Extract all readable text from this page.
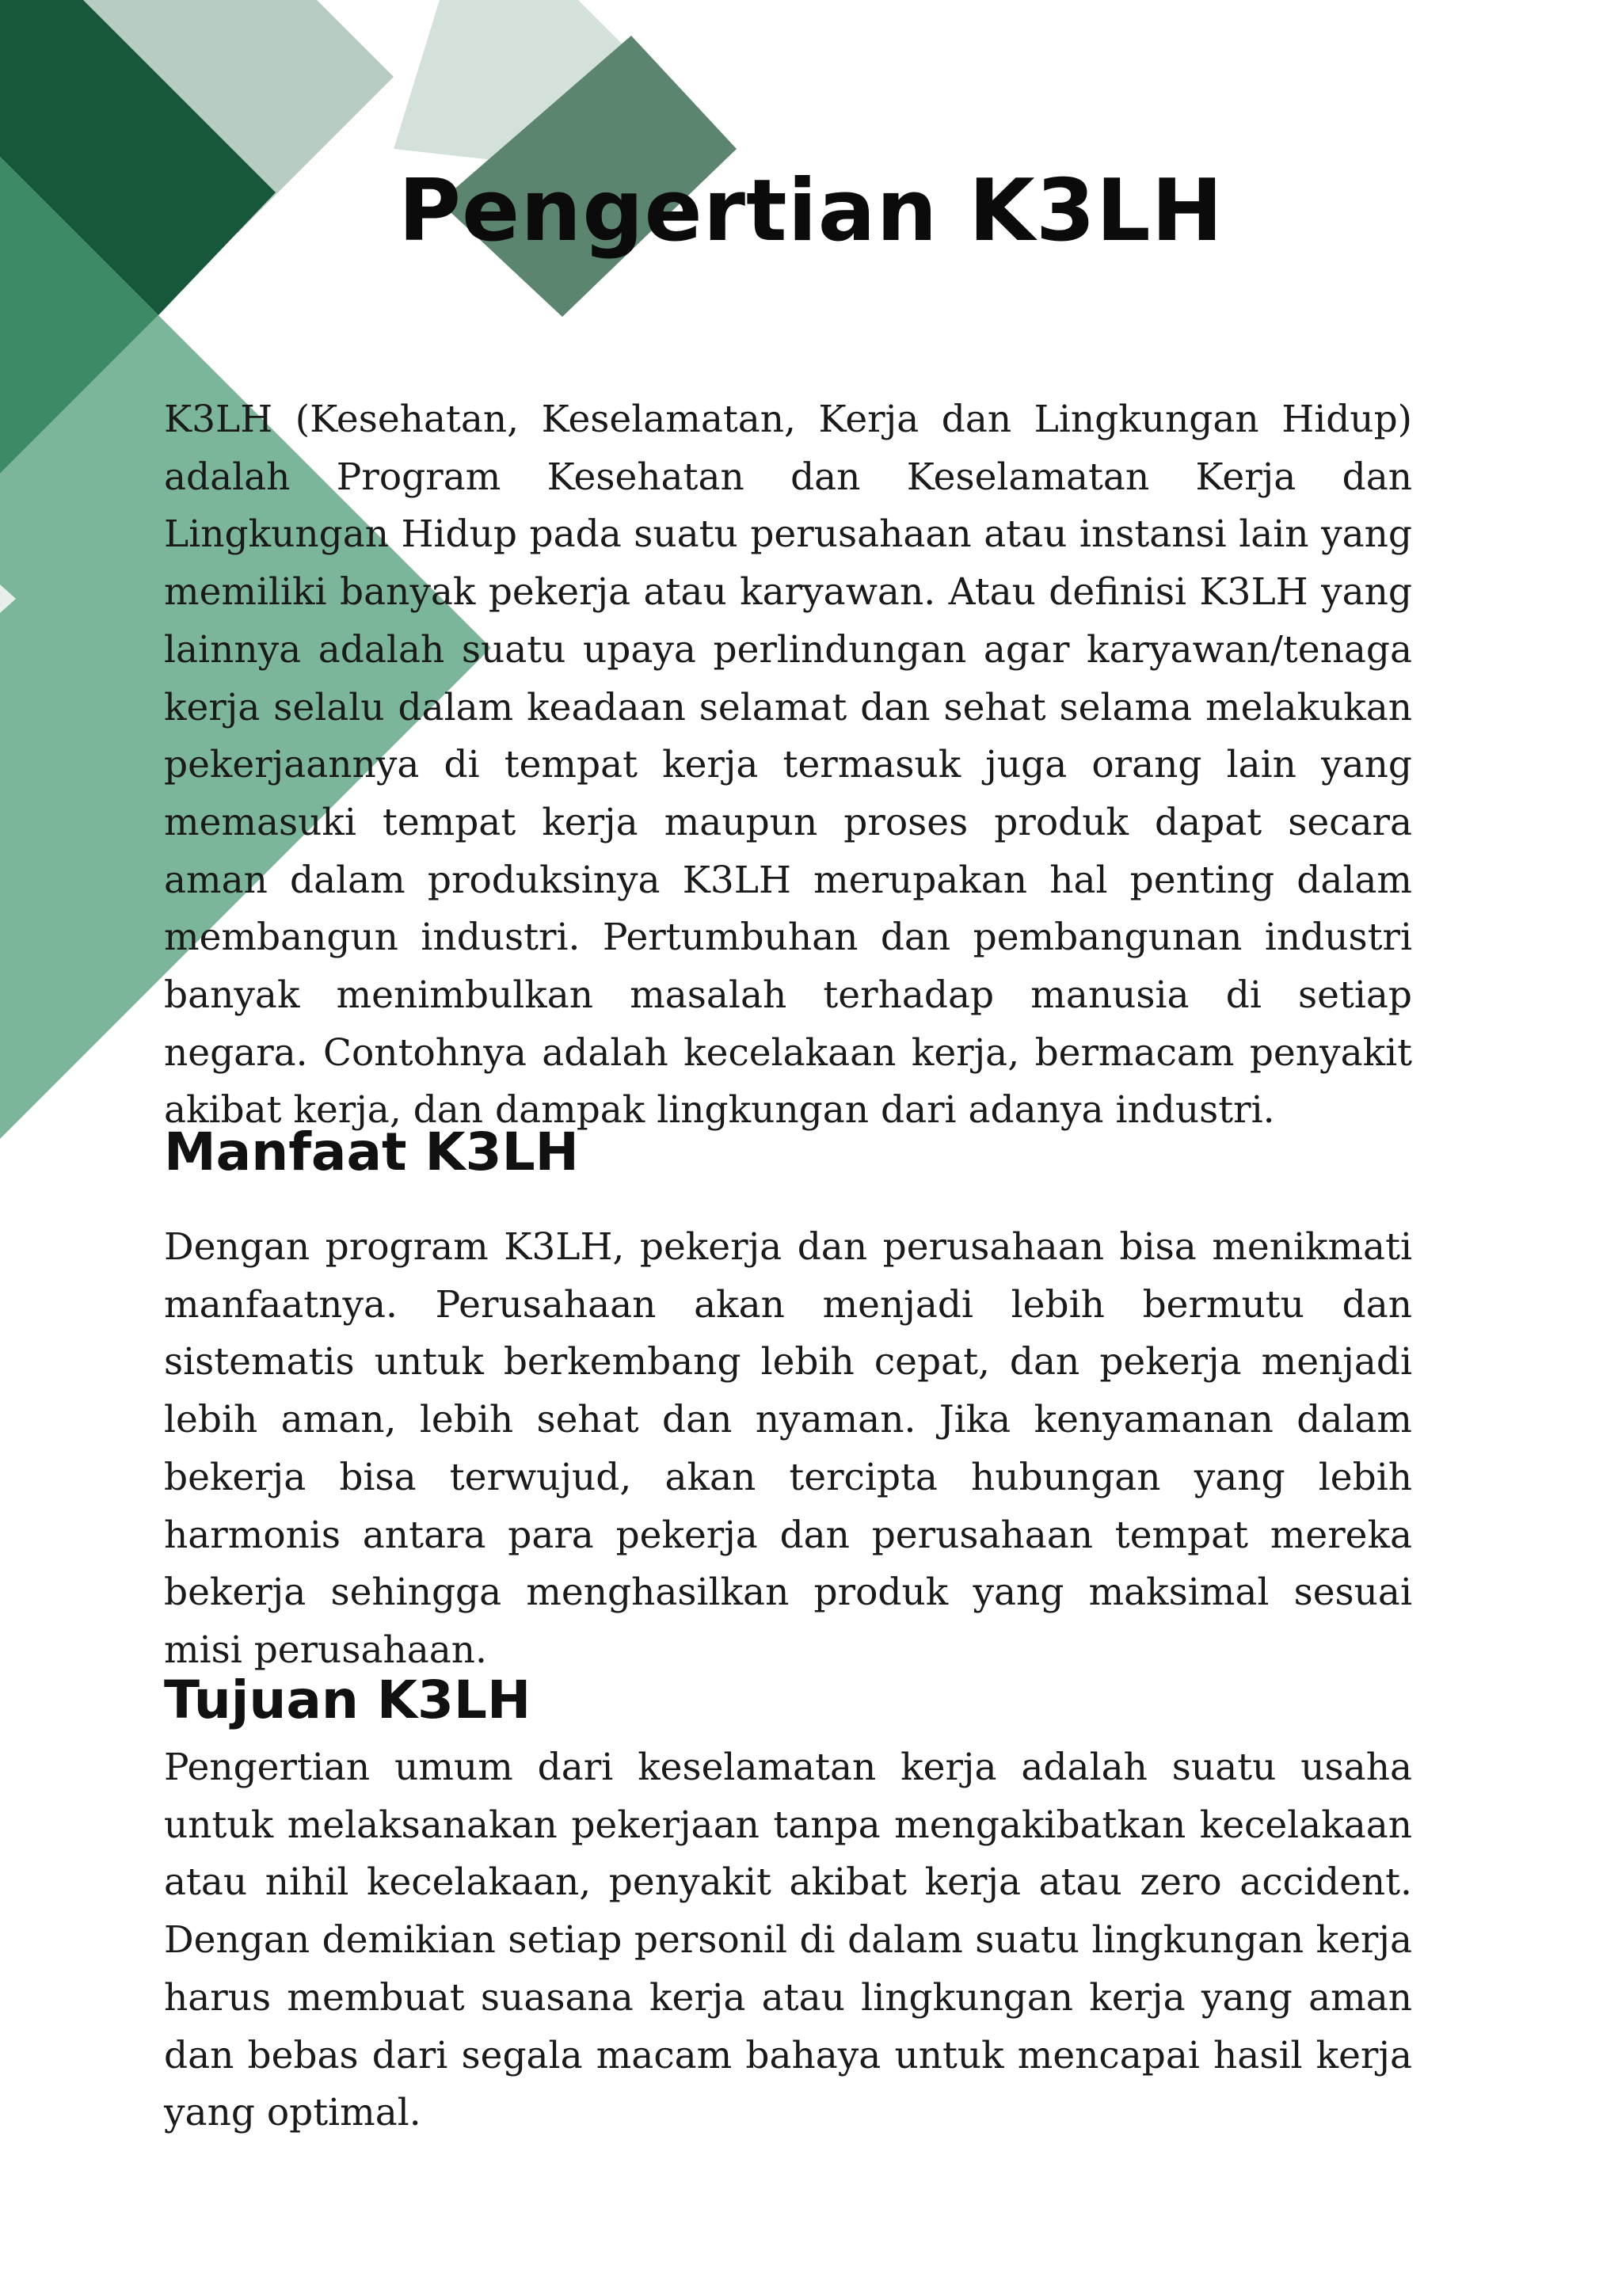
Pengertian K3LH

K3LH (Kesehatan, Keselamatan, Kerja dan Lingkungan Hidup) adalah Program Kesehatan dan Keselamatan Kerja dan Lingkungan Hidup pada suatu perusahaan atau instansi lain yang memiliki banyak pekerja atau karyawan. Atau definisi K3LH yang lainnya adalah suatu upaya perlindungan agar karyawan/tenaga kerja selalu dalam keadaan selamat dan sehat selama melakukan pekerjaannya di tempat kerja termasuk juga orang lain yang memasuki tempat kerja maupun proses produk dapat secara aman dalam produksinya K3LH merupakan hal penting dalam membangun industri. Pertumbuhan dan pembangunan industri banyak menimbulkan masalah terhadap manusia di setiap negara. Contohnya adalah kecelakaan kerja, bermacam penyakit akibat kerja, dan dampak lingkungan dari adanya industri.

Manfaat K3LH

Dengan program K3LH, pekerja dan perusahaan bisa menikmati manfaatnya. Perusahaan akan menjadi lebih bermutu dan sistematis untuk berkembang lebih cepat, dan pekerja menjadi lebih aman, lebih sehat dan nyaman. Jika kenyamanan dalam bekerja bisa terwujud, akan tercipta hubungan yang lebih harmonis antara para pekerja dan perusahaan tempat mereka bekerja sehingga menghasilkan produk yang maksimal sesuai misi perusahaan.

Tujuan K3LH

Pengertian umum dari keselamatan kerja adalah suatu usaha untuk melaksanakan pekerjaan tanpa mengakibatkan kecelakaan atau nihil kecelakaan, penyakit akibat kerja atau zero accident. Dengan demikian setiap personil di dalam suatu lingkungan kerja harus membuat suasana kerja atau lingkungan kerja yang aman dan bebas dari segala macam bahaya untuk mencapai hasil kerja yang optimal.
